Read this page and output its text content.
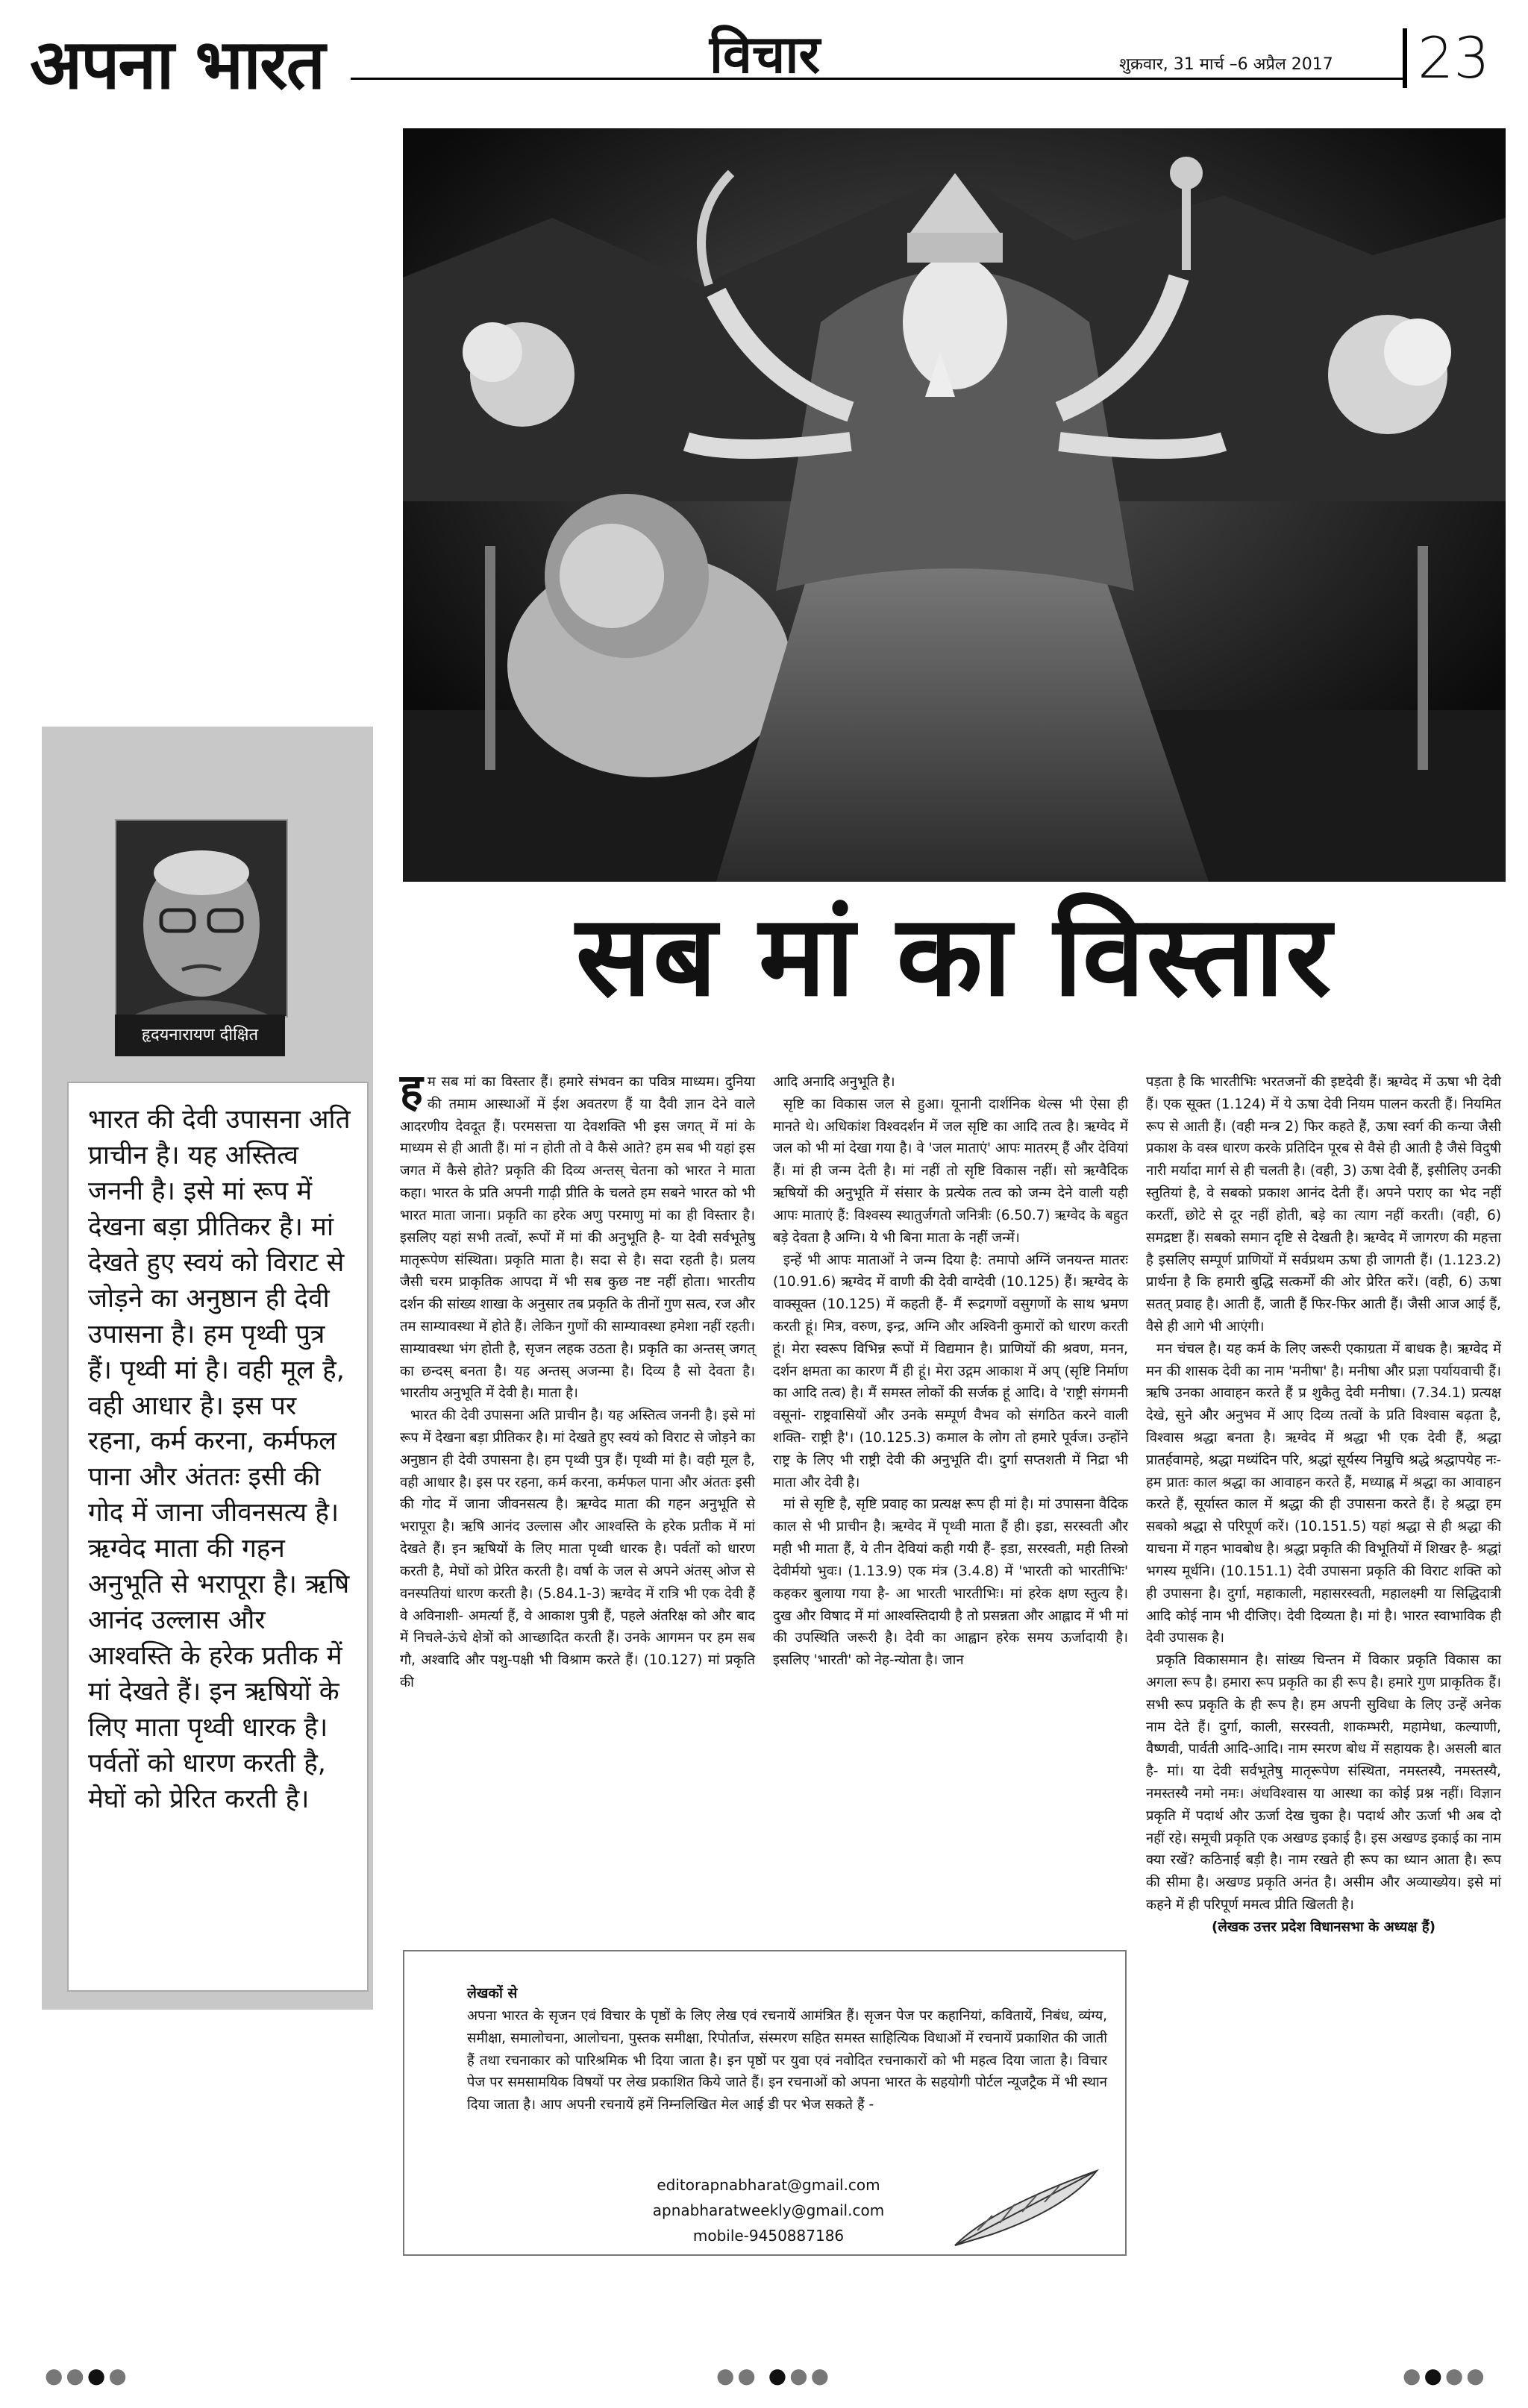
अपना भारत	विचार	शुक्रवार, 31 मार्च –6 अप्रैल 2017 23
सब मां का विस्तार
हृदयनारायण दीक्षित
भारत की देवी उपासना अति प्राचीन है। यह अस्तित्व जननी है। इसे मां रूप में देखना बड़ा प्रीतिकर है। मां देखते हुए स्वयं को विराट से जोड़ने का अनुष्ठान ही देवी उपासना है। हम पृथ्वी पुत्र हैं। पृथ्वी मां है। वही मूल है, वही आधार है। इस पर रहना, कर्म करना, कर्मफल पाना और अंततः इसी की गोद में जाना जीवनसत्य है। ऋग्वेद माता की गहन अनुभूति से भरापूरा है। ऋषि आनंद उल्लास और आश्वस्ति के हरेक प्रतीक में मां देखते हैं। इन ऋषियों के लिए माता पृथ्वी धारक है। पर्वतों को धारण करती है, मेघों को प्रेरित करती है।

हम सब मां का विस्तार हैं। हमारे संभवन का पवित्र माध्यम। दुनिया की तमाम आस्थाओं में ईश अवतरण हैं या दैवी ज्ञान देने वाले आदरणीय देवदूत हैं। परमसत्ता या देवशक्ति भी इस जगत् में मां के माध्यम से ही आती हैं। मां न होती तो वे कैसे आते? हम सब भी यहां इस जगत में कैसे होते? प्रकृति की दिव्य अन्तस् चेतना को भारत ने माता कहा। भारत के प्रति अपनी गाढ़ी प्रीति के चलते हम सबने भारत को भी भारत माता जाना। प्रकृति का हरेक अणु परमाणु मां का ही विस्तार है। इसलिए यहां सभी तत्वों, रूपों में मां की अनुभूति है- या देवी सर्वभूतेषु मातृरूपेण संस्थिता। प्रकृति माता है। सदा से है। सदा रहती है। प्रलय जैसी चरम प्राकृतिक आपदा में भी सब कुछ नष्ट नहीं होता। भारतीय दर्शन की सांख्य शाखा के अनुसार तब प्रकृति के तीनों गुण सत्व, रज और तम साम्यावस्था में होते हैं। लेकिन गुणों की साम्यावस्था हमेशा नहीं रहती। साम्यावस्था भंग होती है, सृजन लहक उठता है। प्रकृति का अन्तस् जगत् का छन्दस् बनता है। यह अन्तस् अजन्मा है। दिव्य है सो देवता है। भारतीय अनुभूति में देवी है। माता है।

भारत की देवी उपासना अति प्राचीन है। यह अस्तित्व जननी है। इसे मां रूप में देखना बड़ा प्रीतिकर है। मां देखते हुए स्वयं को विराट से जोड़ने का अनुष्ठान ही देवी उपासना है। हम पृथ्वी पुत्र हैं। पृथ्वी मां है। वही मूल है, वही आधार है। इस पर रहना, कर्म करना, कर्मफल पाना और अंततः इसी की गोद में जाना जीवनसत्य है। ऋग्वेद माता की गहन अनुभूति से भरापूरा है। ऋषि आनंद उल्लास और आश्वस्ति के हरेक प्रतीक में मां देखते हैं। इन ऋषियों के लिए माता पृथ्वी धारक है। पर्वतों को धारण करती है, मेघों को प्रेरित करती है। वर्षा के जल से अपने अंतस् ओज से वनस्पतियां धारण करती है। (5.84.1-3) ऋग्वेद में रात्रि भी एक देवी हैं वे अविनाशी- अमर्त्या हैं, वे आकाश पुत्री हैं, पहले अंतरिक्ष को और बाद में निचले-ऊंचे क्षेत्रों को आच्छादित करती हैं। उनके आगमन पर हम सब गौ, अश्वादि और पशु-पक्षी भी विश्राम करते हैं। (10.127) मां प्रकृति की

आदि अनादि अनुभूति है।

सृष्टि का विकास जल से हुआ। यूनानी दार्शनिक थेल्स भी ऐसा ही मानते थे। अधिकांश विश्वदर्शन में जल सृष्टि का आदि तत्व है। ऋग्वेद में जल को भी मां देखा गया है। वे 'जल माताएं' आपः मातरम् हैं और देवियां हैं। मां ही जन्म देती है। मां नहीं तो सृष्टि विकास नहीं। सो ऋग्वैदिक ऋषियों की अनुभूति में संसार के प्रत्येक तत्व को जन्म देने वाली यही आपः माताएं हैं: विश्वस्य स्थातुर्जगतो जनित्रीः (6.50.7) ऋग्वेद के बहुत बड़े देवता है अग्नि। ये भी बिना माता के नहीं जन्में।

इन्हें भी आपः माताओं ने जन्म दिया है: तमापो अग्निं जनयन्त मातरः (10.91.6) ऋग्वेद में वाणी की देवी वाग्देवी (10.125) हैं। ऋग्वेद के वाक्सूक्त (10.125) में कहती हैं- मैं रूद्रगणों वसुगणों के साथ भ्रमण करती हूं। मित्र, वरुण, इन्द्र, अग्नि और अश्विनी कुमारों को धारण करती हूं। मेरा स्वरूप विभिन्न रूपों में विद्यमान है। प्राणियों की श्रवण, मनन, दर्शन क्षमता का कारण मैं ही हूं। मेरा उद्गम आकाश में अप् (सृष्टि निर्माण का आदि तत्व) है। मैं समस्त लोकों की सर्जक हूं आदि। वे 'राष्ट्री संगमनी वसूनां- राष्ट्रवासियों और उनके सम्पूर्ण वैभव को संगठित करने वाली शक्ति- राष्ट्री है'। (10.125.3) कमाल के लोग तो हमारे पूर्वज। उन्होंने राष्ट्र के लिए भी राष्ट्री देवी की अनुभूति दी। दुर्गा सप्तशती में निद्रा भी माता और देवी है।

मां से सृष्टि है, सृष्टि प्रवाह का प्रत्यक्ष रूप ही मां है। मां उपासना वैदिक काल से भी प्राचीन है। ऋग्वेद में पृथ्वी माता हैं ही। इडा, सरस्वती और मही भी माता हैं, ये तीन देवियां कही गयी हैं- इडा, सरस्वती, मही तिस्त्रो देवीर्मयो भुवः। (1.13.9) एक मंत्र (3.4.8) में 'भारती को भारतीभिः' कहकर बुलाया गया है- आ भारती भारतीभिः। मां हरेक क्षण स्तुत्य है। दुख और विषाद में मां आश्वस्तिदायी है तो प्रसन्नता और आह्लाद में भी मां की उपस्थिति जरूरी है। देवी का आह्वान हरेक समय ऊर्जादायी है। इसलिए 'भारती' को नेह-न्योता है। जान

पड़ता है कि भारतीभिः भरतजनों की इष्टदेवी हैं। ऋग्वेद में ऊषा भी देवी हैं। एक सूक्त (1.124) में ये ऊषा देवी नियम पालन करती हैं। नियमित रूप से आती हैं। (वही मन्त्र 2) फिर कहते हैं, ऊषा स्वर्ग की कन्या जैसी प्रकाश के वस्त्र धारण करके प्रतिदिन पूरब से वैसे ही आती है जैसे विदुषी नारी मर्यादा मार्ग से ही चलती है। (वही, 3) ऊषा देवी हैं, इसीलिए उनकी स्तुतियां है, वे सबको प्रकाश आनंद देती हैं। अपने पराए का भेद नहीं करतीं, छोटे से दूर नहीं होती, बड़े का त्याग नहीं करती। (वही, 6) समद्रष्टा हैं। सबको समान दृष्टि से देखती है। ऋग्वेद में जागरण की महत्ता है इसलिए सम्पूर्ण प्राणियों में सर्वप्रथम ऊषा ही जागती हैं। (1.123.2) प्रार्थना है कि हमारी बुद्धि सत्कर्मों की ओर प्रेरित करें। (वही, 6) ऊषा सतत् प्रवाह है। आती हैं, जाती हैं फिर-फिर आती हैं। जैसी आज आई हैं, वैसे ही आगे भी आएंगी।

मन चंचल है। यह कर्म के लिए जरूरी एकाग्रता में बाधक है। ऋग्वेद में मन की शासक देवी का नाम 'मनीषा' है। मनीषा और प्रज्ञा पर्यायवाची हैं। ऋषि उनका आवाहन करते हैं प्र शुकैतु देवी मनीषा। (7.34.1) प्रत्यक्ष देखे, सुने और अनुभव में आए दिव्य तत्वों के प्रति विश्वास बढ़ता है, विश्वास श्रद्धा बनता है। ऋग्वेद में श्रद्धा भी एक देवी हैं, श्रद्धा प्रातर्हवामहे, श्रद्धा मध्यंदिन परि, श्रद्धां सूर्यस्य निम्रुचि श्रद्धे श्रद्धापयेह नः- हम प्रातः काल श्रद्धा का आवाहन करते हैं, मध्याह्न में श्रद्धा का आवाहन करते हैं, सूर्यास्त काल में श्रद्धा की ही उपासना करते हैं। हे श्रद्धा हम सबको श्रद्धा से परिपूर्ण करें। (10.151.5) यहां श्रद्धा से ही श्रद्धा की याचना में गहन भावबोध है। श्रद्धा प्रकृति की विभूतियों में शिखर है- श्रद्धां भगस्य मूर्धनि। (10.151.1) देवी उपासना प्रकृति की विराट शक्ति को ही उपासना है। दुर्गा, महाकाली, महासरस्वती, महालक्ष्मी या सिद्धिदात्री आदि कोई नाम भी दीजिए। देवी दिव्यता है। मां है। भारत स्वाभाविक ही देवी उपासक है।

प्रकृति विकासमान है। सांख्य चिन्तन में विकार प्रकृति विकास का अगला रूप है। हमारा रूप प्रकृति का ही रूप है। हमारे गुण प्राकृतिक हैं। सभी रूप प्रकृति के ही रूप है। हम अपनी सुविधा के लिए उन्हें अनेक नाम देते हैं। दुर्गा, काली, सरस्वती, शाकम्भरी, महामेधा, कल्याणी, वैष्णवी, पार्वती आदि-आदि। नाम स्मरण बोध में सहायक है। असली बात है- मां। या देवी सर्वभूतेषु मातृरूपेण संस्थिता, नमस्तस्यै, नमस्तस्यै, नमस्तस्यै नमो नमः। अंधविश्वास या आस्था का कोई प्रश्न नहीं। विज्ञान प्रकृति में पदार्थ और ऊर्जा देख चुका है। पदार्थ और ऊर्जा भी अब दो नहीं रहे। समूची प्रकृति एक अखण्ड इकाई है। इस अखण्ड इकाई का नाम क्या रखें? कठिनाई बड़ी है। नाम रखते ही रूप का ध्यान आता है। रूप की सीमा है। अखण्ड प्रकृति अनंत है। असीम और अव्याख्येय। इसे मां कहने में ही परिपूर्ण ममत्व प्रीति खिलती है।

(लेखक उत्तर प्रदेश विधानसभा के अध्यक्ष हैं)

लेखकों से
अपना भारत के सृजन एवं विचार के पृष्ठों के लिए लेख एवं रचनायें आमंत्रित हैं। सृजन पेज पर कहानियां, कवितायें, निबंध, व्यंग्य, समीक्षा, समालोचना, आलोचना, पुस्तक समीक्षा, रिपोर्ताज, संस्मरण सहित समस्त साहित्यिक विधाओं में रचनायें प्रकाशित की जाती हैं तथा रचनाकार को पारिश्रमिक भी दिया जाता है। इन पृष्ठों पर युवा एवं नवोदित रचनाकारों को भी महत्व दिया जाता है। विचार पेज पर समसामयिक विषयों पर लेख प्रकाशित किये जाते हैं। इन रचनाओं को अपना भारत के सहयोगी पोर्टल न्यूजट्रैक में भी स्थान दिया जाता है। आप अपनी रचनायें हमें निम्नलिखित मेल आई डी पर भेज सकते हैं -
editorapnabharat@gmail.com
apnabharatweekly@gmail.com
mobile-9450887186
●●●●	●● ●●●	●●●●
